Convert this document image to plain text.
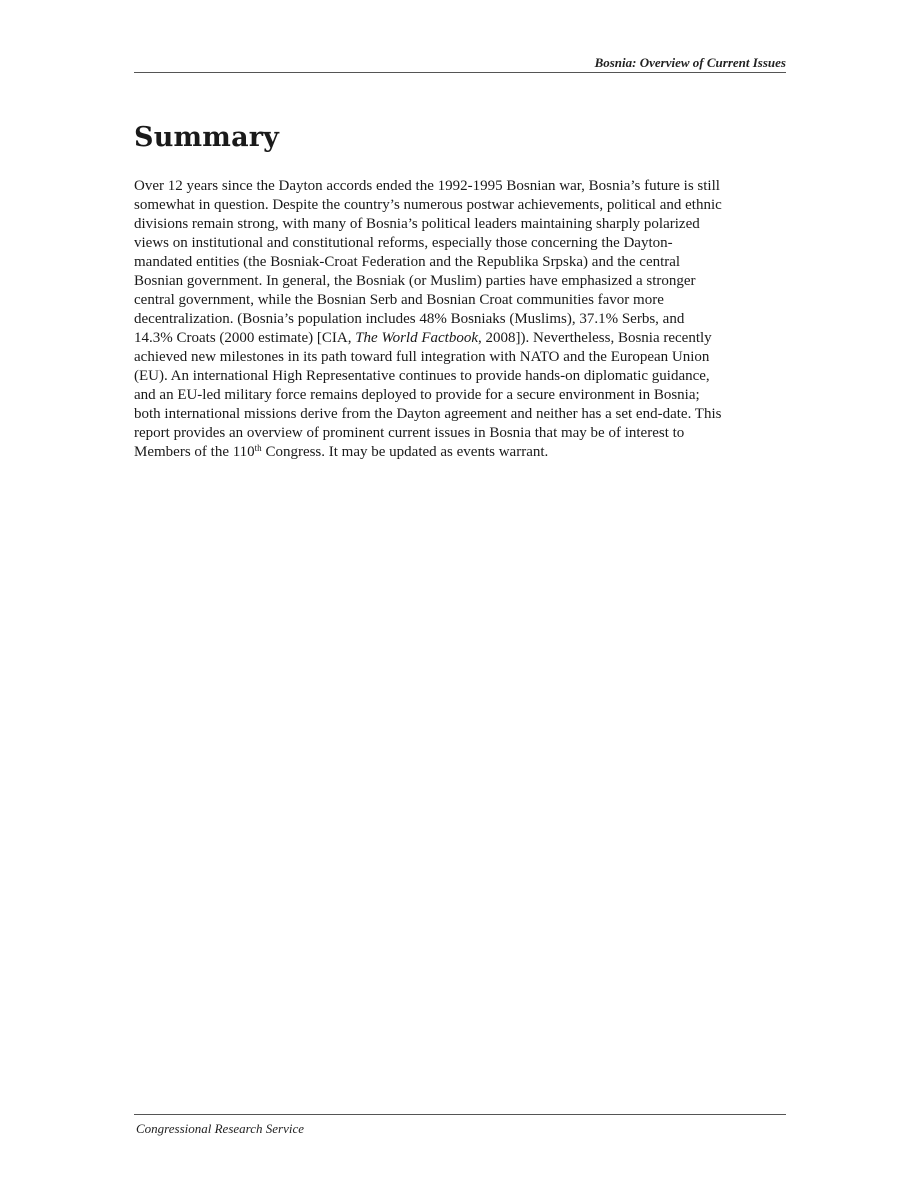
Bosnia: Overview of Current Issues
Summary

Over 12 years since the Dayton accords ended the 1992-1995 Bosnian war, Bosnia’s future is still
somewhat in question. Despite the country’s numerous postwar achievements, political and ethnic
divisions remain strong, with many of Bosnia’s political leaders maintaining sharply polarized
views on institutional and constitutional reforms, especially those concerning the Dayton-
mandated entities (the Bosniak-Croat Federation and the Republika Srpska) and the central
Bosnian government. In general, the Bosniak (or Muslim) parties have emphasized a stronger
central government, while the Bosnian Serb and Bosnian Croat communities favor more
decentralization. (Bosnia’s population includes 48% Bosniaks (Muslims), 37.1% Serbs, and
14.3% Croats (2000 estimate) [CIA, The World Factbook, 2008]). Nevertheless, Bosnia recently
achieved new milestones in its path toward full integration with NATO and the European Union
(EU). An international High Representative continues to provide hands-on diplomatic guidance,
and an EU-led military force remains deployed to provide for a secure environment in Bosnia;
both international missions derive from the Dayton agreement and neither has a set end-date. This
report provides an overview of prominent current issues in Bosnia that may be of interest to
Members of the 110th Congress. It may be updated as events warrant.

Congressional Research Service
